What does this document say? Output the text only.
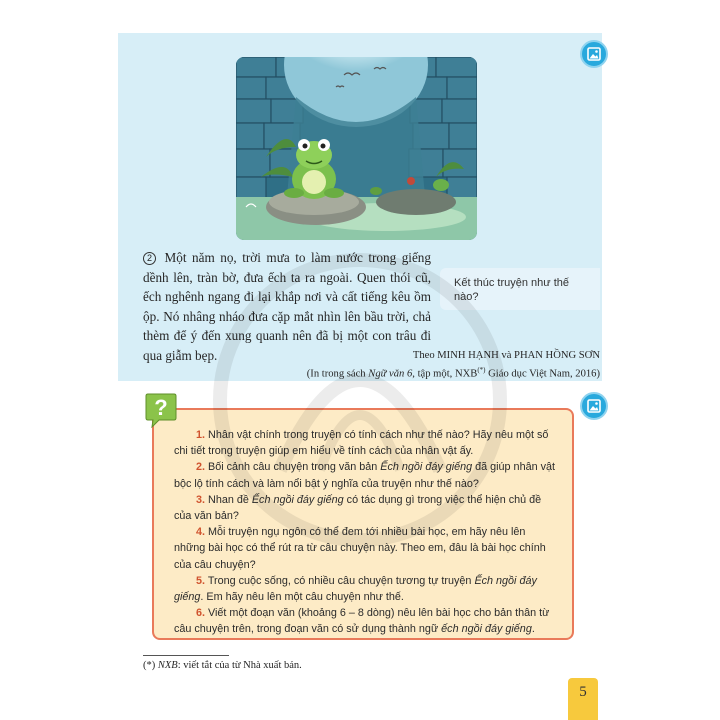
2 Một năm nọ, trời mưa to làm nước trong giếng dềnh lên, tràn bờ, đưa ếch ta ra ngoài. Quen thói cũ, ếch nghênh ngang đi lại khắp nơi và cất tiếng kêu ồm ộp. Nó nhâng nháo đưa cặp mắt nhìn lên bầu trời, chả thèm để ý đến xung quanh nên đã bị một con trâu đi qua giẫm bẹp.
Kết thúc truyện như thế nào?
Theo MINH HẠNH và PHAN HỒNG SƠN
(In trong sách Ngữ văn 6, tập một, NXB(*) Giáo dục Việt Nam, 2016)
1. Nhân vật chính trong truyện có tính cách như thế nào? Hãy nêu một số chi tiết trong truyện giúp em hiểu về tính cách của nhân vật ấy.
2. Bối cảnh câu chuyện trong văn bản Ếch ngồi đáy giếng đã giúp nhân vật bộc lộ tính cách và làm nổi bật ý nghĩa của truyện như thế nào?
3. Nhan đề Ếch ngồi đáy giếng có tác dụng gì trong việc thể hiện chủ đề của văn bản?
4. Mỗi truyện ngụ ngôn có thể đem tới nhiều bài học, em hãy nêu lên những bài học có thể rút ra từ câu chuyện này. Theo em, đâu là bài học chính của câu chuyện?
5. Trong cuộc sống, có nhiều câu chuyện tương tự truyện Ếch ngồi đáy giếng. Em hãy nêu lên một câu chuyện như thế.
6. Viết một đoạn văn (khoảng 6 – 8 dòng) nêu lên bài học cho bản thân từ câu chuyện trên, trong đoạn văn có sử dụng thành ngữ ếch ngồi đáy giếng.
?
(*) NXB: viết tắt của từ Nhà xuất bản.
5
